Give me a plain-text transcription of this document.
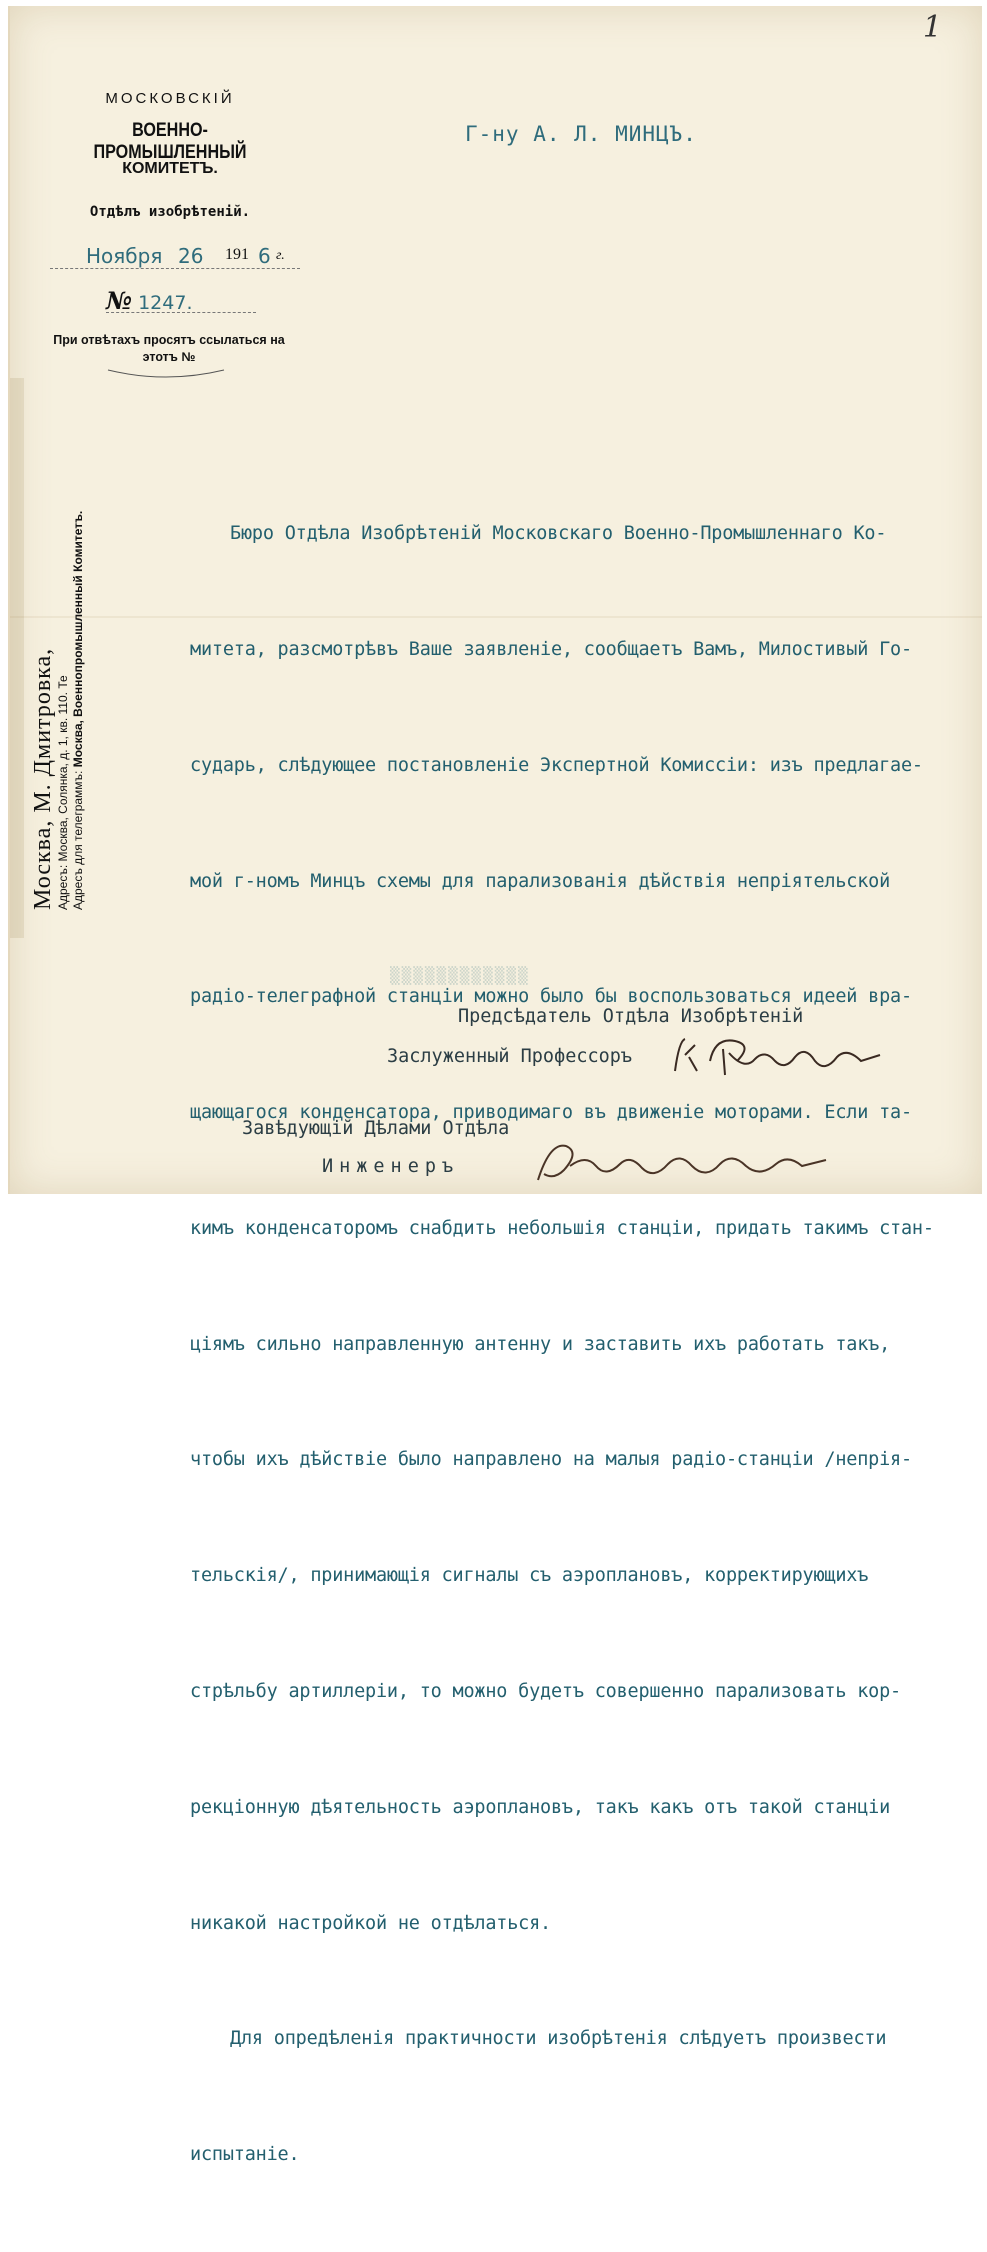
1
МОСКОВСКІЙ
ВОЕННО-ПРОМЫШЛЕННЫЙ
КОМИТЕТЪ.
Отдѣлъ изобрѣтеній.
Ноября 26 191 6 г.
№ 1247.
При отвѣтахъ просятъ ссылаться на этотъ №
Г-ну А. Л. МИНЦЪ.

Бюро Отдѣла Изобрѣтеній Московскаго Военно-Промышленнаго Ко-

митета, разсмотрѣвъ Ваше заявленіе, сообщаетъ Вамъ, Милостивый Го-

сударь, слѣдующее постановленіе Экспертной Комиссіи: изъ предлагае-

мой г-номъ Минцъ схемы для парализованія дѣйствія непріятельской

радіо-телеграфной станціи можно было бы воспользоваться идеей вра-

щающагося конденсатора, приводимаго въ движеніе моторами. Если та-

кимъ конденсаторомъ снабдить небольшія станціи, придать такимъ стан-

ціямъ сильно направленную антенну и заставить ихъ работать такъ,

чтобы ихъ дѣйствіе было направлено на малыя радіо-станціи /непрія-

тельскія/, принимающія сигналы съ аэроплановъ, корректирующихъ

стрѣльбу артиллеріи, то можно будетъ совершенно парализовать кор-

рекціонную дѣятельность аэроплановъ, такъ какъ отъ такой станціи

никакой настройкой не отдѣлаться.

Для опредѣленія практичности изобрѣтенія слѣдуетъ произвести

испытаніе.

▒▒▒▒▒▒▒▒▒▒▒▒
Предсѣдатель Отдѣла Изобрѣтеній
Заслуженный Профессоръ
Завѣдующій Дѣлами Отдѣла
Инженеръ
Москва, М. Дмитровка, Адресъ: Москва, Солянка, д. 1, кв. 110. Те Адресъ для телеграммъ: Москва, Военнопромышленный Комитетъ.
